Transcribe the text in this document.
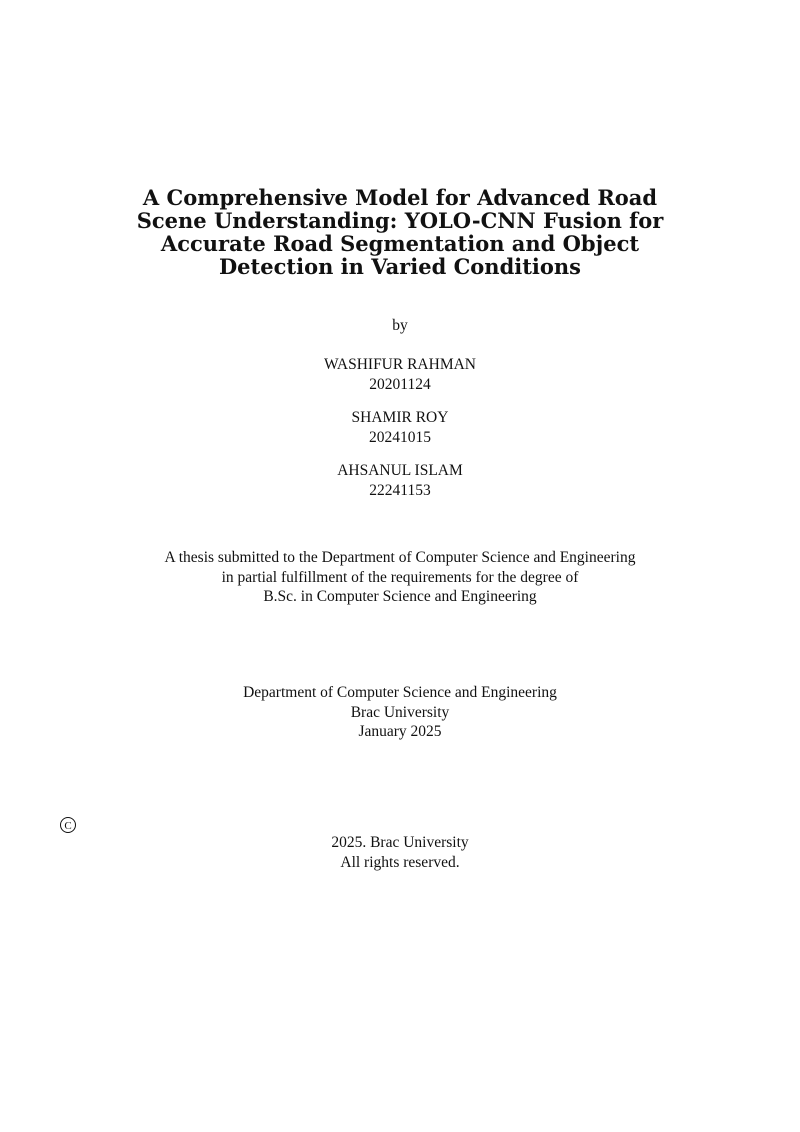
A Comprehensive Model for Advanced Road
Scene Understanding: YOLO-CNN Fusion for
Accurate Road Segmentation and Object
Detection in Varied Conditions
by
WASHIFUR RAHMAN
20201124
SHAMIR ROY
20241015
AHSANUL ISLAM
22241153
A thesis submitted to the Department of Computer Science and Engineering
in partial fulfillment of the requirements for the degree of
B.Sc. in Computer Science and Engineering
Department of Computer Science and Engineering
Brac University
January 2025
C
2025. Brac University
All rights reserved.
